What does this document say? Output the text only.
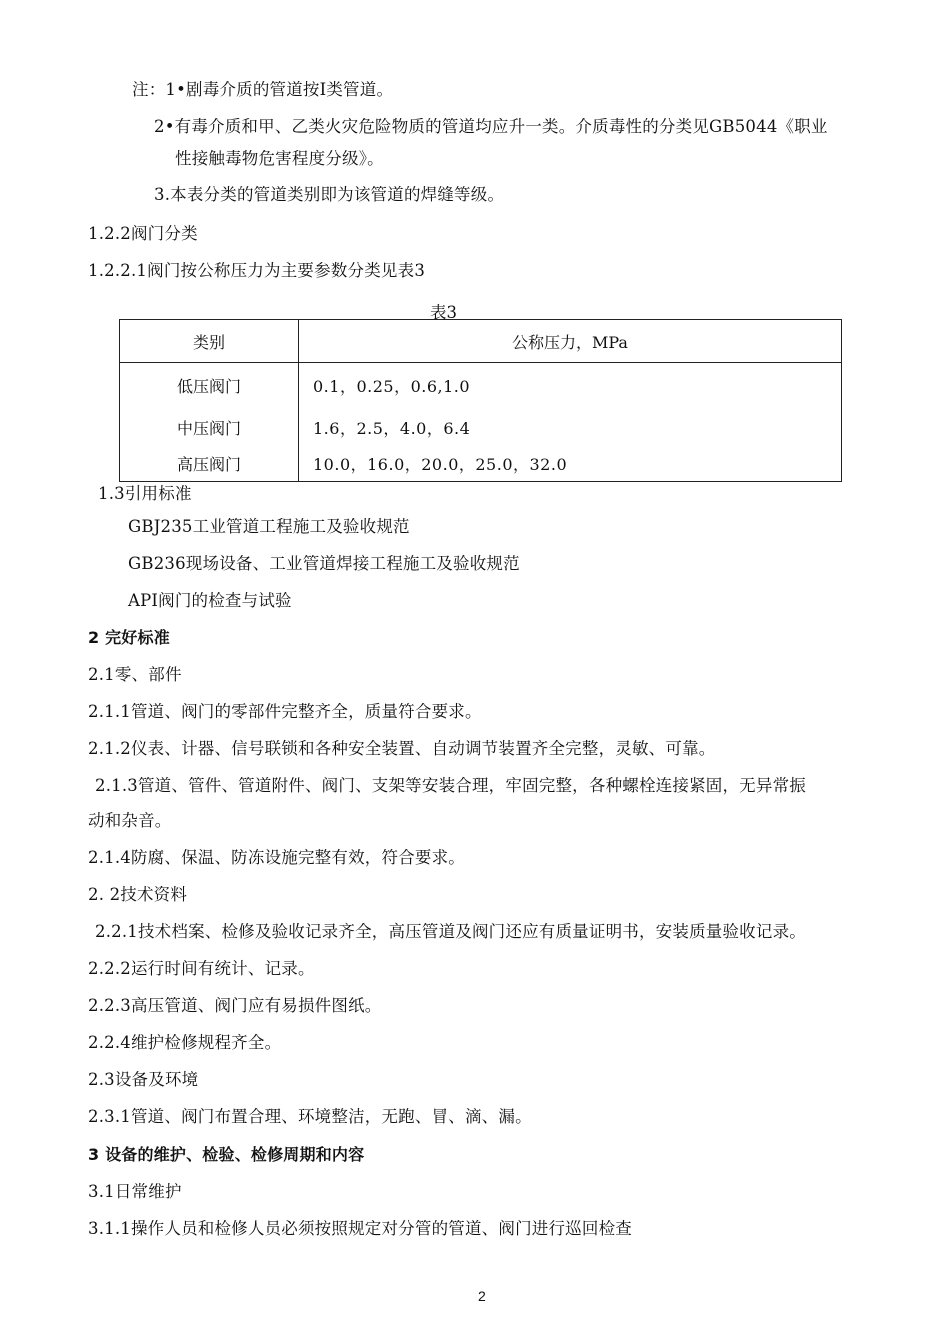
注：1•剧毒介质的管道按Ⅰ类管道。
2•有毒介质和甲、乙类火灾危险物质的管道均应升一类。介质毒性的分类见GB5044《职业
性接触毒物危害程度分级》。
3.本表分类的管道类别即为该管道的焊缝等级。
1.2.2阀门分类
1.2.2.1阀门按公称压力为主要参数分类见表3
表3
类别	公称压力，MPa
低压阀门	0.1，0.25，0.6,1.0
中压阀门	1.6，2.5，4.0，6.4
高压阀门	10.0，16.0，20.0，25.0，32.0
1.3引用标准
GBJ235工业管道工程施工及验收规范
GB236现场设备、工业管道焊接工程施工及验收规范
API阀门的检查与试验
2 完好标准
2.1零、部件
2.1.1管道、阀门的零部件完整齐全，质量符合要求。
2.1.2仪表、计器、信号联锁和各种安全装置、自动调节装置齐全完整，灵敏、可靠。
2.1.3管道、管件、管道附件、阀门、支架等安装合理，牢固完整，各种螺栓连接紧固，无异常振
动和杂音。
2.1.4防腐、保温、防冻设施完整有效，符合要求。
2. 2技术资料
2.2.1技术档案、检修及验收记录齐全，高压管道及阀门还应有质量证明书，安装质量验收记录。
2.2.2运行时间有统计、记录。
2.2.3高压管道、阀门应有易损件图纸。
2.2.4维护检修规程齐全。
2.3设备及环境
2.3.1管道、阀门布置合理、环境整洁，无跑、冒、滴、漏。
3 设备的维护、检验、检修周期和内容
3.1日常维护
3.1.1操作人员和检修人员必须按照规定对分管的管道、阀门进行巡回检查
2
